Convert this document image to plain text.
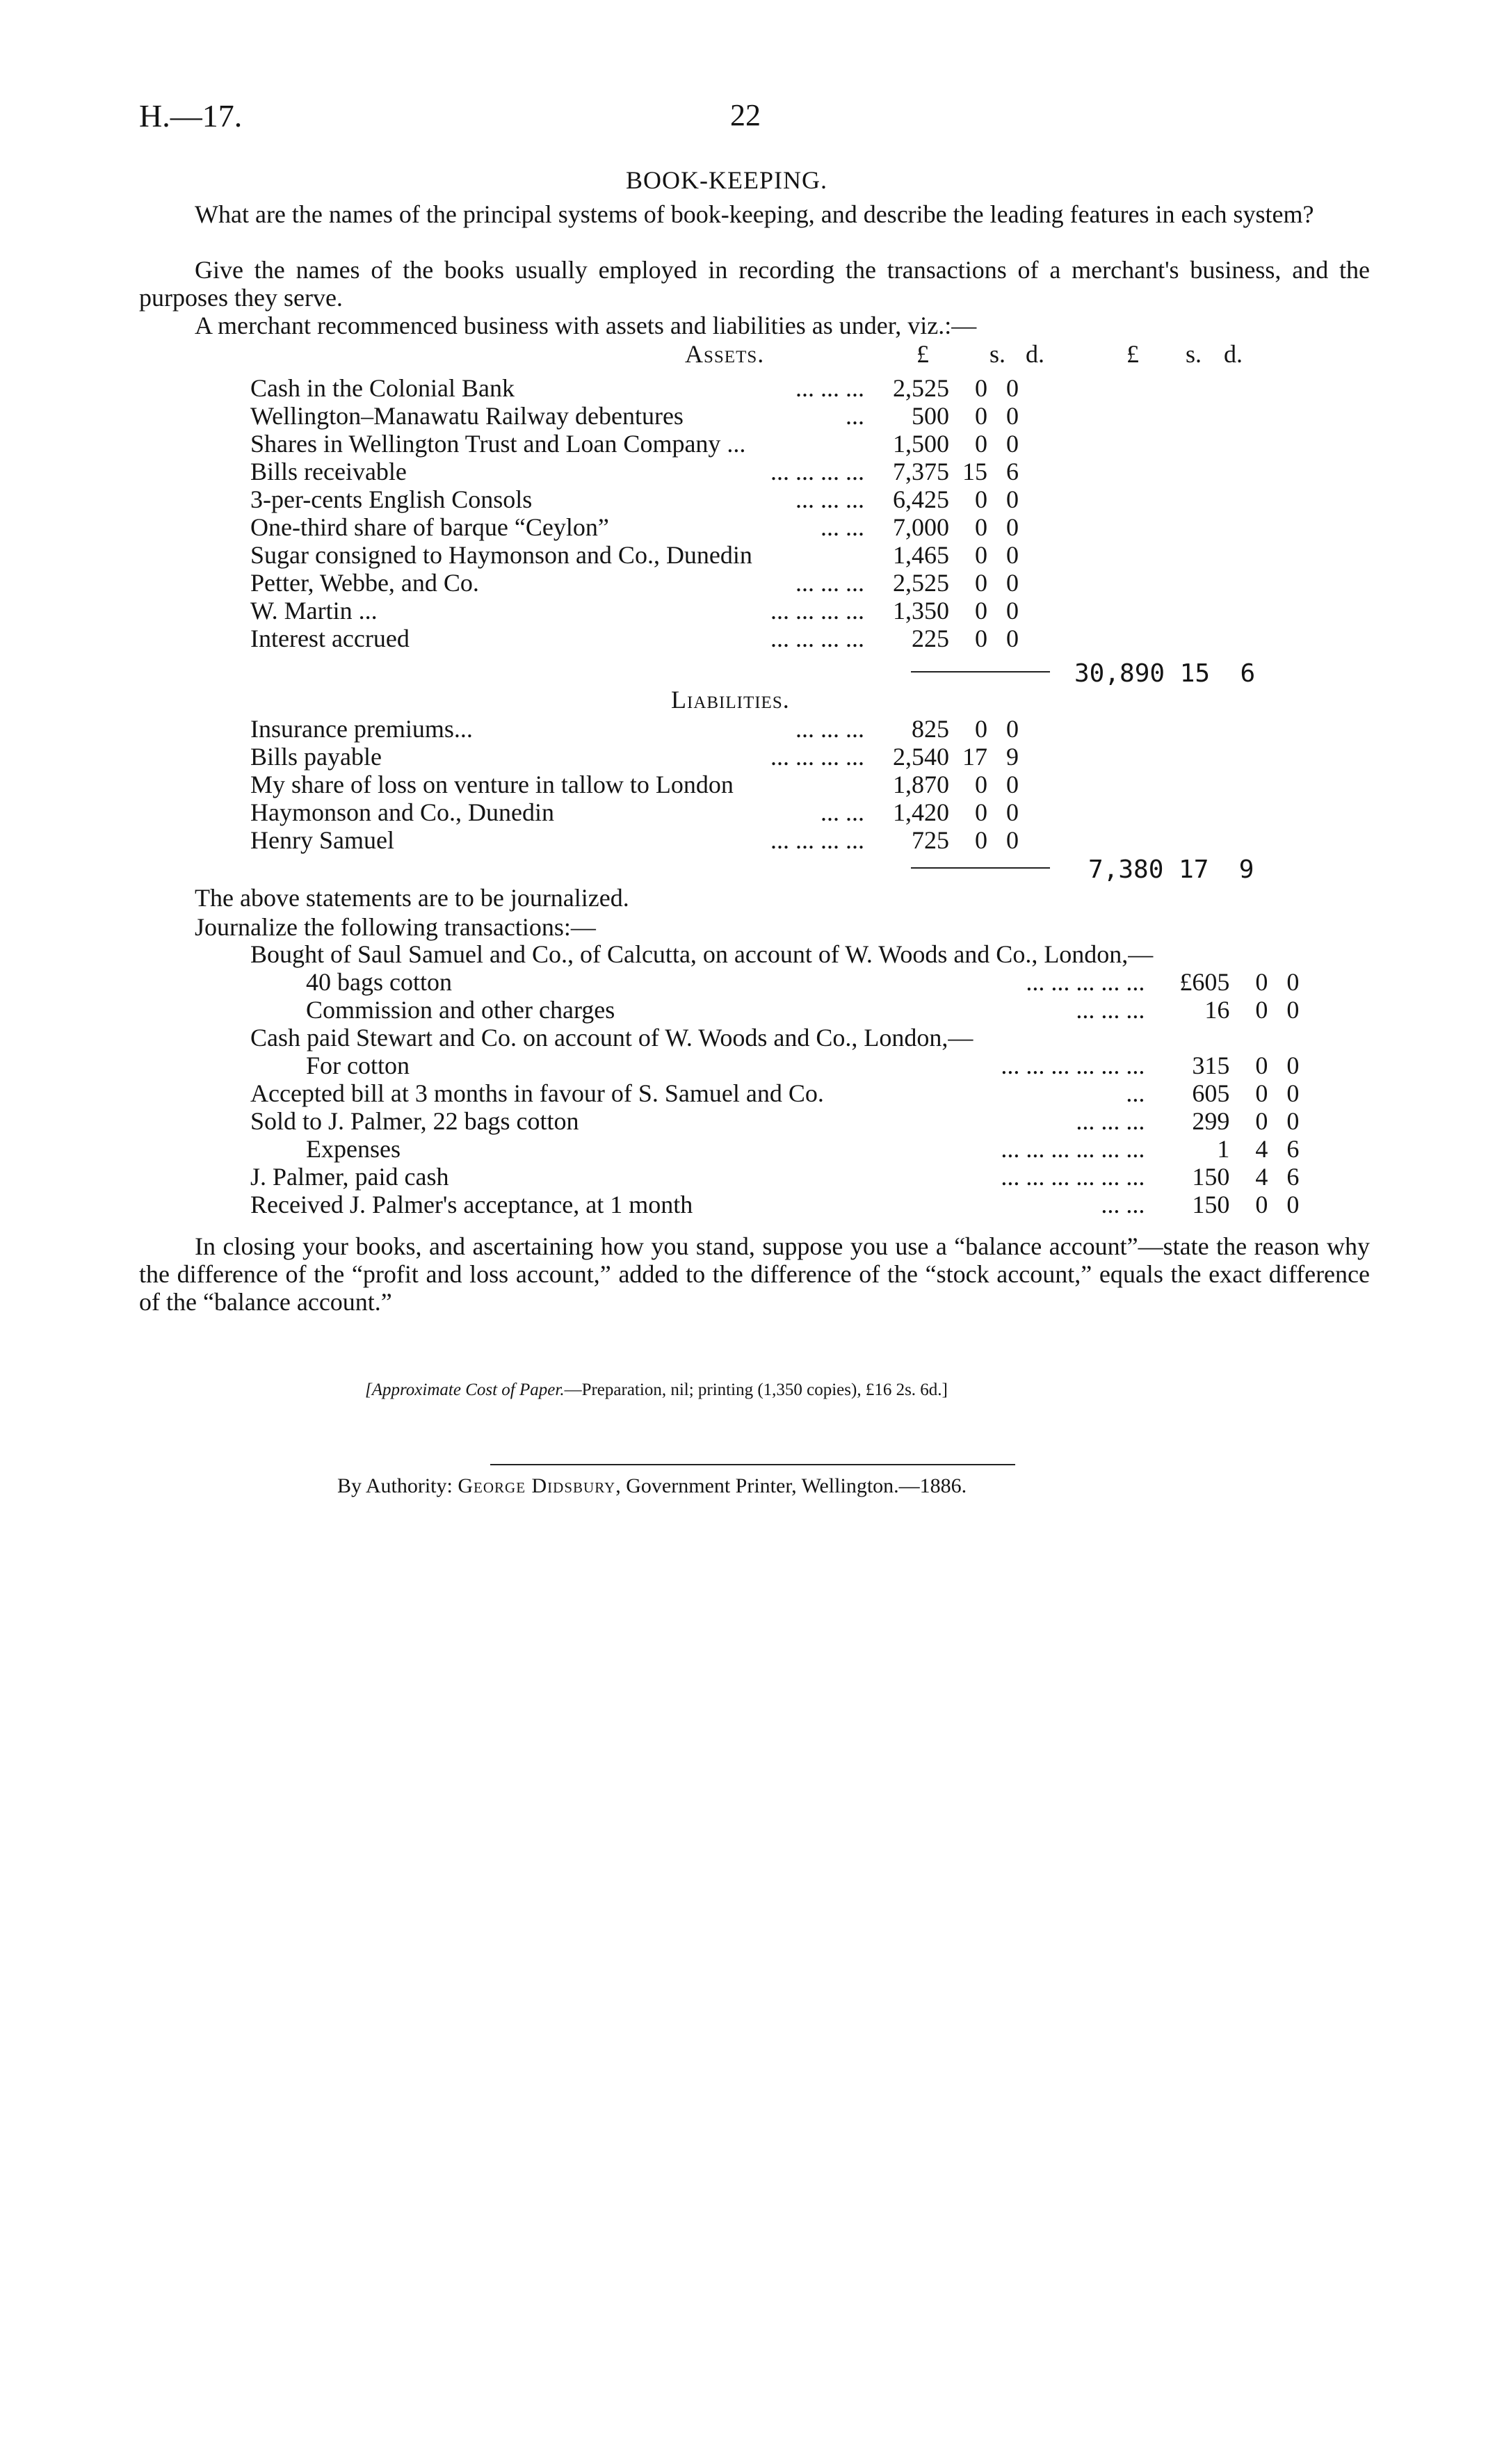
H.—17.	22
BOOK-KEEPING.
What are the names of the principal systems of book-keeping, and describe the leading features in each system?
Give the names of the books usually employed in recording the transactions of a merchant's business, and the purposes they serve.
A merchant recommenced business with assets and liabilities as under, viz.:—
Assets.	£ s. d.	£ s. d.
Cash in the Colonial Bank ... ... ...	2,525	0	0
Wellington–Manawatu Railway debentures ...	500	0	0
Shares in Wellington Trust and Loan Company ...	1,500	0	0
Bills receivable ... ... ... ...	7,375	15	6
3-per-cents English Consols ... ... ...	6,425	0	0
One-third share of barque “Ceylon” ... ...	7,000	0	0
Sugar consigned to Haymonson and Co., Dunedin	1,465	0	0
Petter, Webbe, and Co. ... ... ...	2,525	0	0
W. Martin ... ... ... ... ...	1,350	0	0
Interest accrued ... ... ... ...	225	0	0
30,890 15 6
Liabilities.
Insurance premiums... ... ... ...	825	0	0
Bills payable ... ... ... ...	2,540	17	9
My share of loss on venture in tallow to London	1,870	0	0
Haymonson and Co., Dunedin ... ...	1,420	0	0
Henry Samuel ... ... ... ...	725	0	0
7,380 17 9
The above statements are to be journalized.
Journalize the following transactions:—
Bought of Saul Samuel and Co., of Calcutta, on account of W. Woods and Co., London,—

40 bags cotton ... ... ... ... ...	£605	0	0
Commission and other charges ... ... ...	16	0	0
Cash paid Stewart and Co. on account of W. Woods and Co., London,—

For cotton ... ... ... ... ... ...	315	0	0
Accepted bill at 3 months in favour of S. Samuel and Co. ...	605	0	0
Sold to J. Palmer, 22 bags cotton ... ... ...	299	0	0
Expenses ... ... ... ... ... ...	1	4	6
J. Palmer, paid cash ... ... ... ... ... ...	150	4	6
Received J. Palmer's acceptance, at 1 month ... ...	150	0	0
In closing your books, and ascertaining how you stand, suppose you use a “balance account”—state the reason why the difference of the “profit and loss account,” added to the difference of the “stock account,” equals the exact difference of the “balance account.”
[Approximate Cost of Paper.—Preparation, nil; printing (1,350 copies), £16 2s. 6d.]
By Authority: George Didsbury, Government Printer, Wellington.—1886.
